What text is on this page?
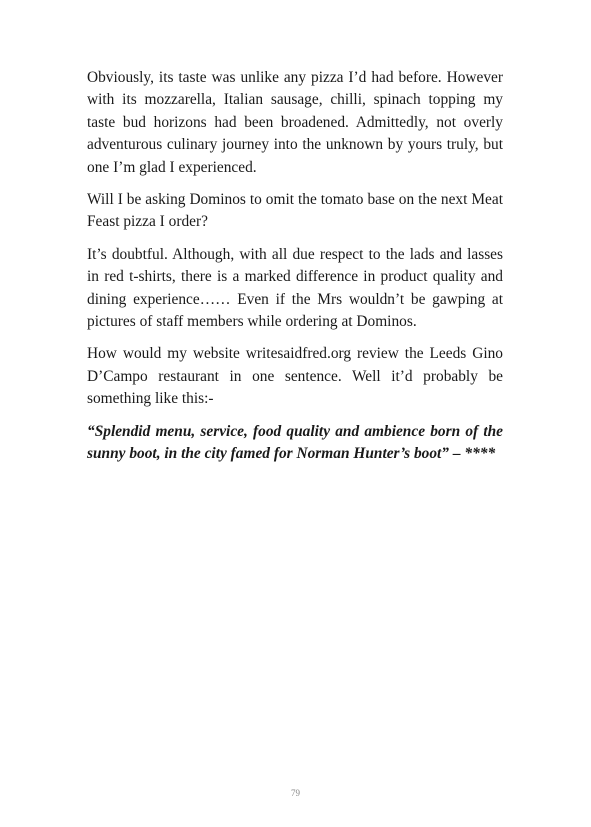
Obviously, its taste was unlike any pizza I’d had before. However with its mozzarella, Italian sausage, chilli, spinach topping my taste bud horizons had been broadened. Admittedly, not overly adventurous culinary journey into the unknown by yours truly, but one I’m glad I experienced.

Will I be asking Dominos to omit the tomato base on the next Meat Feast pizza I order?

It’s doubtful. Although, with all due respect to the lads and lasses in red t-shirts, there is a marked difference in product quality and dining experience…… Even if the Mrs wouldn’t be gawping at pictures of staff members while ordering at Dominos.

How would my website writesaidfred.org review the Leeds Gino D’Campo restaurant in one sentence. Well it’d probably be something like this:-

“Splendid menu, service, food quality and ambience born of the sunny boot, in the city famed for Norman Hunter’s boot” – ****

79
